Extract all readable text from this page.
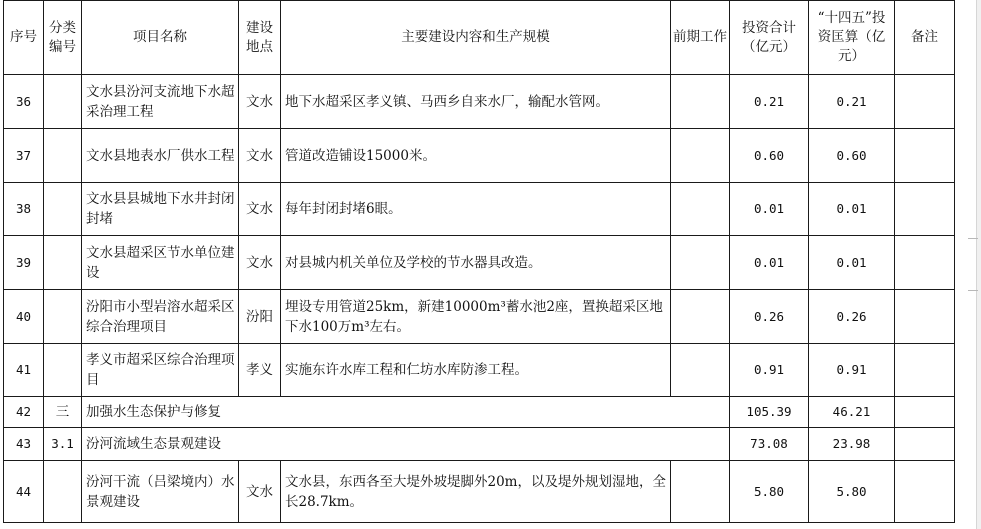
序号	分类编号	项目名称	建设地点	主要建设内容和生产规模	前期工作	投资合计（亿元）	“十四五”投资匡算（亿元）	备注
36		文水县汾河支流地下水超采治理工程	文水	地下水超采区孝义镇、马西乡自来水厂，输配水管网。		0.21	0.21	
37		文水县地表水厂供水工程	文水	管道改造铺设15000米。		0.60	0.60	
38		文水县县城地下水井封闭封堵	文水	每年封闭封堵6眼。		0.01	0.01	
39		文水县超采区节水单位建设	文水	对县城内机关单位及学校的节水器具改造。		0.01	0.01	
40		汾阳市小型岩溶水超采区综合治理项目	汾阳	埋设专用管道25km，新建10000m³蓄水池2座，置换超采区地下水100万m³左右。		0.26	0.26	
41		孝义市超采区综合治理项目	孝义	实施东许水库工程和仁坊水库防渗工程。		0.91	0.91	
42	三	加强水生态保护与修复				105.39	46.21	
43	3.1	汾河流域生态景观建设				73.08	23.98	
44		汾河干流（吕梁境内）水景观建设	文水	文水县，东西各至大堤外坡堤脚外20m，以及堤外规划湿地，全长28.7km。		5.80	5.80	
